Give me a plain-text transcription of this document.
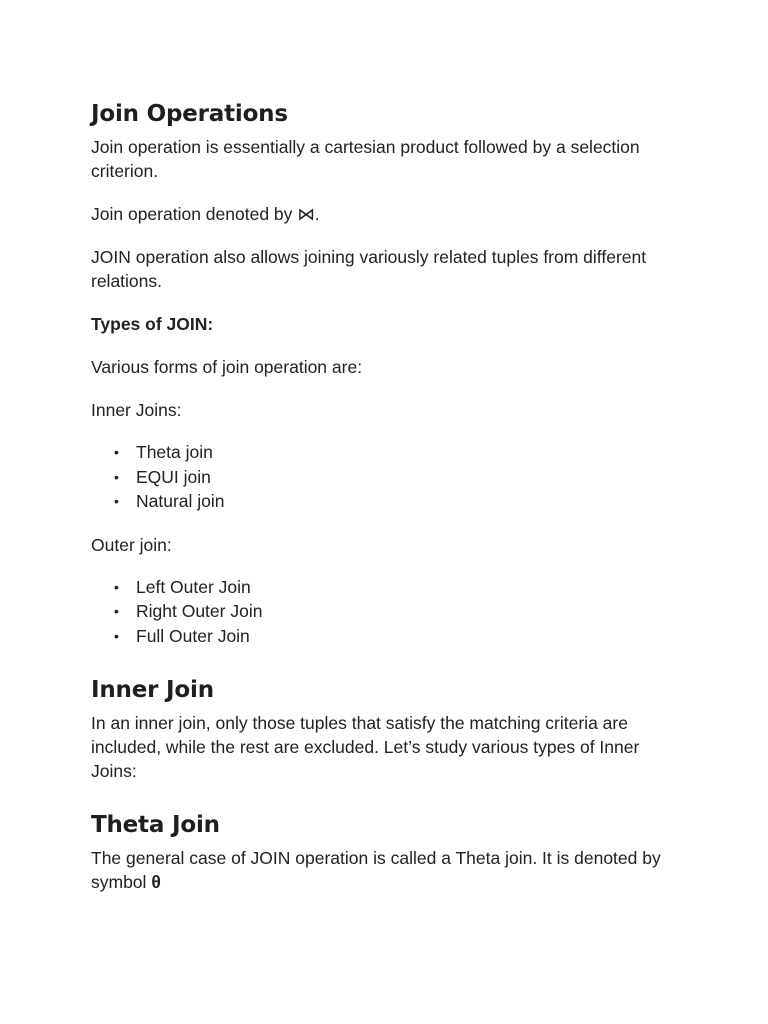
Join Operations

Join operation is essentially a cartesian product followed by a selection criterion.

Join operation denoted by ⋈.

JOIN operation also allows joining variously related tuples from different relations.

Types of JOIN:

Various forms of join operation are:

Inner Joins:

• Theta join
• EQUI join
• Natural join

Outer join:

• Left Outer Join
• Right Outer Join
• Full Outer Join
Inner Join

In an inner join, only those tuples that satisfy the matching criteria are included, while the rest are excluded. Let’s study various types of Inner Joins:

Theta Join

The general case of JOIN operation is called a Theta join. It is denoted by symbol θ
